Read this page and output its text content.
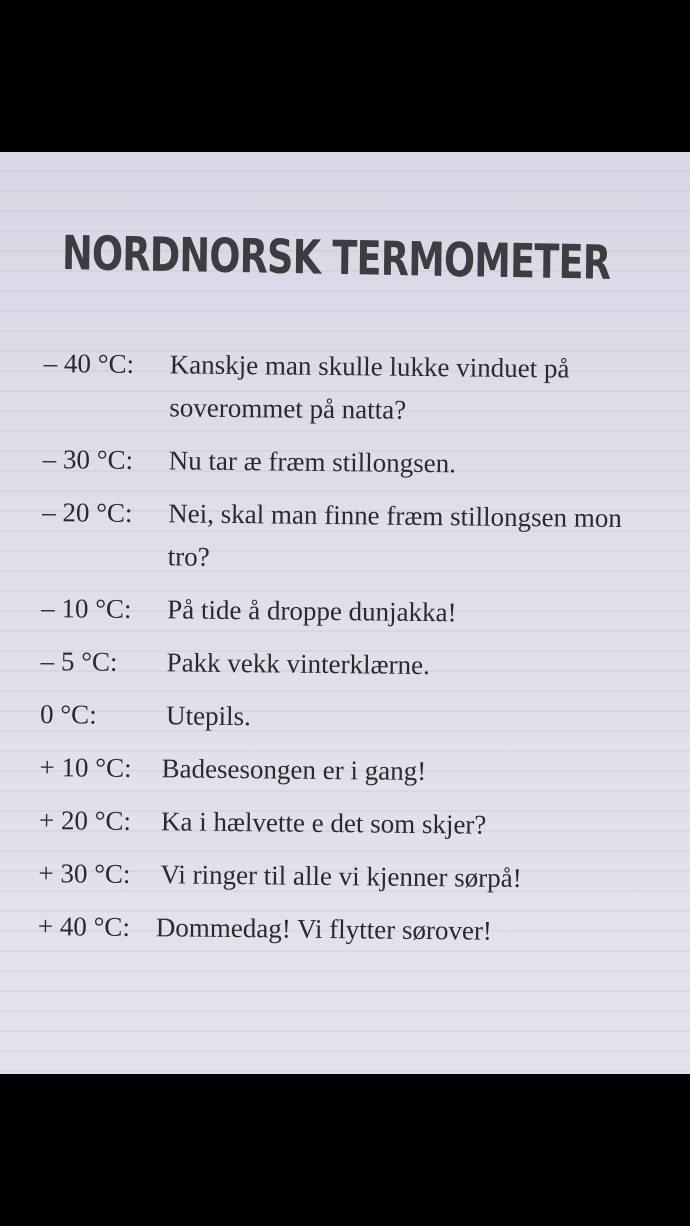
NORDNORSK TERMOMETER
– 40 °C:	Kanskje man skulle lukke vinduet på soverommet på natta?
– 30 °C:	Nu tar æ fræm stillongsen.
– 20 °C:	Nei, skal man finne fræm stillongsen mon tro?
– 10 °C:	På tide å droppe dunjakka!
– 5 °C:	Pakk vekk vinterklærne.
0 °C:	Utepils.
+ 10 °C:	Badesesongen er i gang!
+ 20 °C:	Ka i hælvette e det som skjer?
+ 30 °C:	Vi ringer til alle vi kjenner sørpå!
+ 40 °C: Dommedag! Vi flytter sørover!
